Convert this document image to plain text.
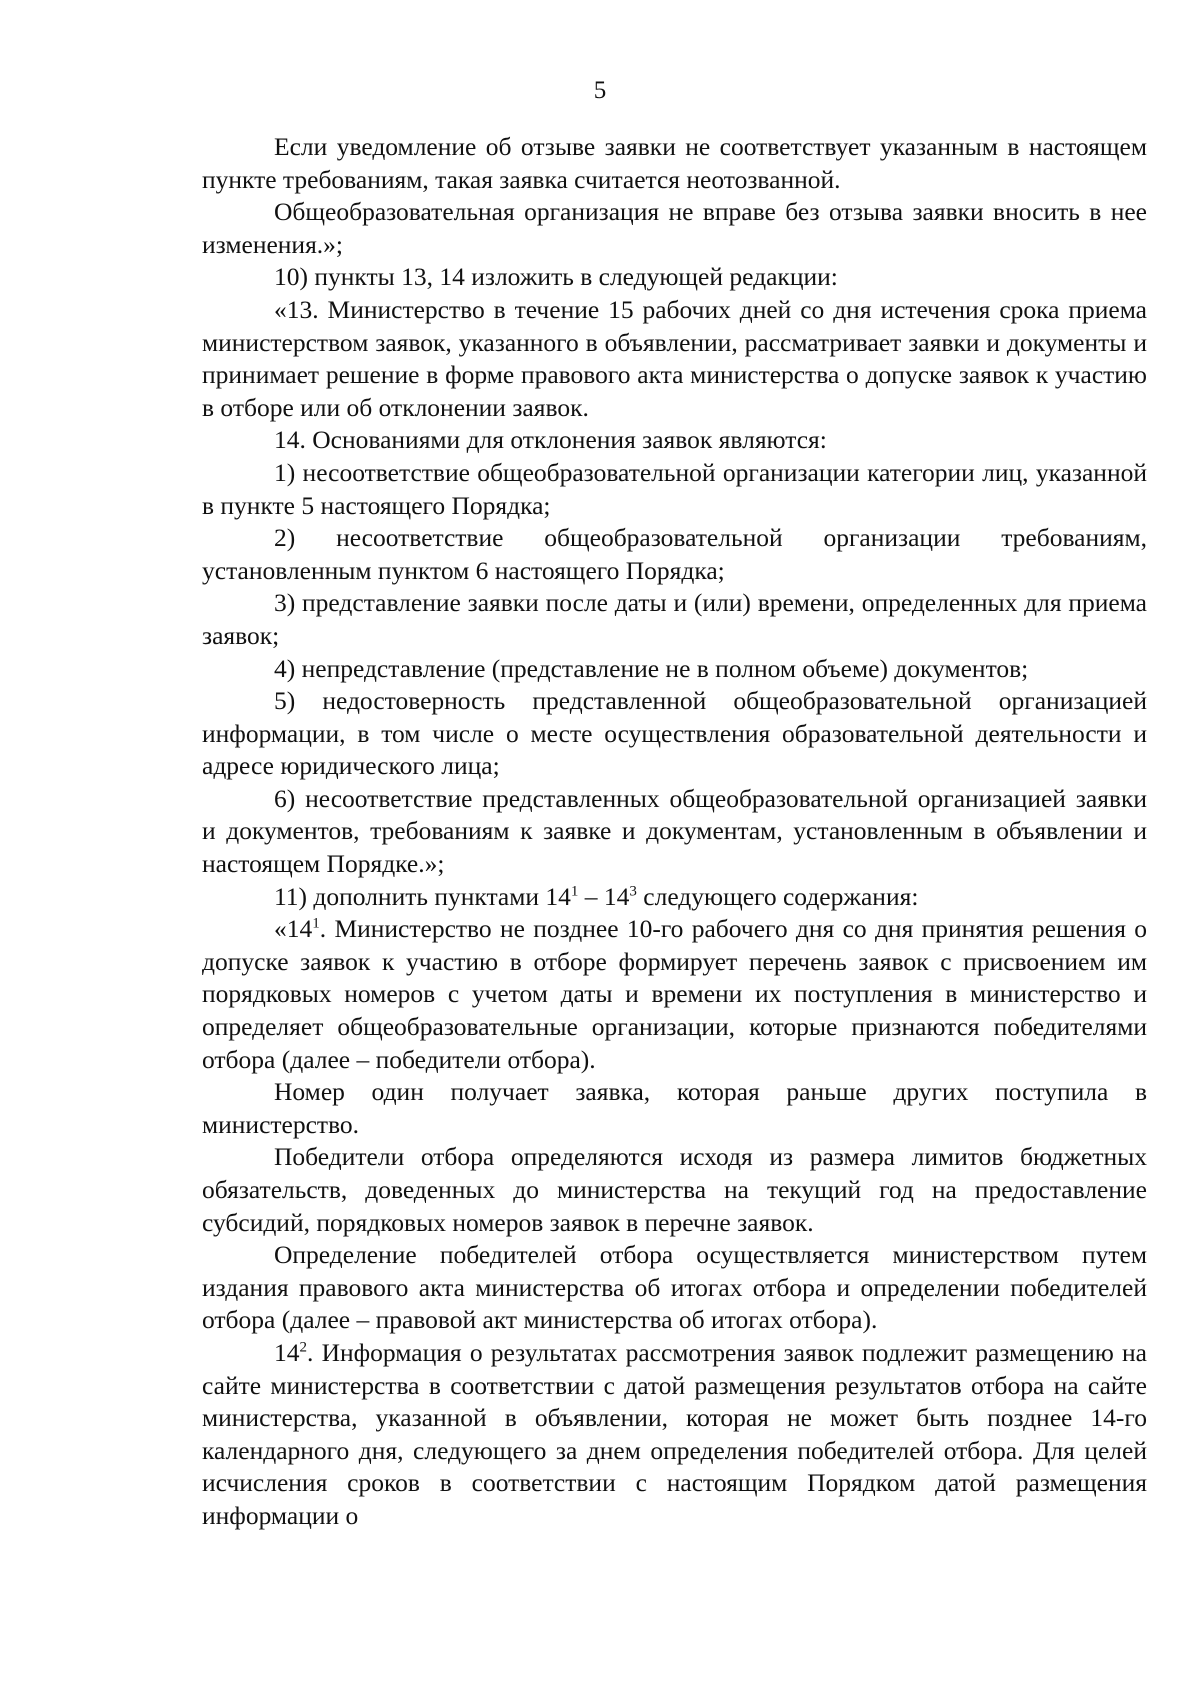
5

Если уведомление об отзыве заявки не соответствует указанным в настоящем пункте требованиям, такая заявка считается неотозванной.

Общеобразовательная организация не вправе без отзыва заявки вносить в нее изменения.»;

10) пункты 13, 14 изложить в следующей редакции:

«13. Министерство в течение 15 рабочих дней со дня истечения срока приема министерством заявок, указанного в объявлении, рассматривает заявки и документы и принимает решение в форме правового акта министерства о допуске заявок к участию в отборе или об отклонении заявок.

14. Основаниями для отклонения заявок являются:

1) несоответствие общеобразовательной организации категории лиц, указанной в пункте 5 настоящего Порядка;

2) несоответствие общеобразовательной организации требованиям, установленным пунктом 6 настоящего Порядка;

3) представление заявки после даты и (или) времени, определенных для приема заявок;

4) непредставление (представление не в полном объеме) документов;

5) недостоверность представленной общеобразовательной организацией информации, в том числе о месте осуществления образовательной деятельности и адресе юридического лица;

6) несоответствие представленных общеобразовательной организацией заявки и документов, требованиям к заявке и документам, установленным в объявлении и настоящем Порядке.»;

11) дополнить пунктами $14^1 - 14^3$ следующего содержания:

«$14^1$. Министерство не позднее 10-го рабочего дня со дня принятия решения о допуске заявок к участию в отборе формирует перечень заявок с присвоением им порядковых номеров с учетом даты и времени их поступления в министерство и определяет общеобразовательные организации, которые признаются победителями отбора (далее – победители отбора).

Номер один получает заявка, которая раньше других поступила в министерство.

Победители отбора определяются исходя из размера лимитов бюджетных обязательств, доведенных до министерства на текущий год на предоставление субсидий, порядковых номеров заявок в перечне заявок.

Определение победителей отбора осуществляется министерством путем издания правового акта министерства об итогах отбора и определении победителей отбора (далее – правовой акт министерства об итогах отбора).

$14^2$. Информация о результатах рассмотрения заявок подлежит размещению на сайте министерства в соответствии с датой размещения результатов отбора на сайте министерства, указанной в объявлении, которая не может быть позднее 14-го календарного дня, следующего за днем определения победителей отбора. Для целей исчисления сроков в соответствии с настоящим Порядком датой размещения информации о
